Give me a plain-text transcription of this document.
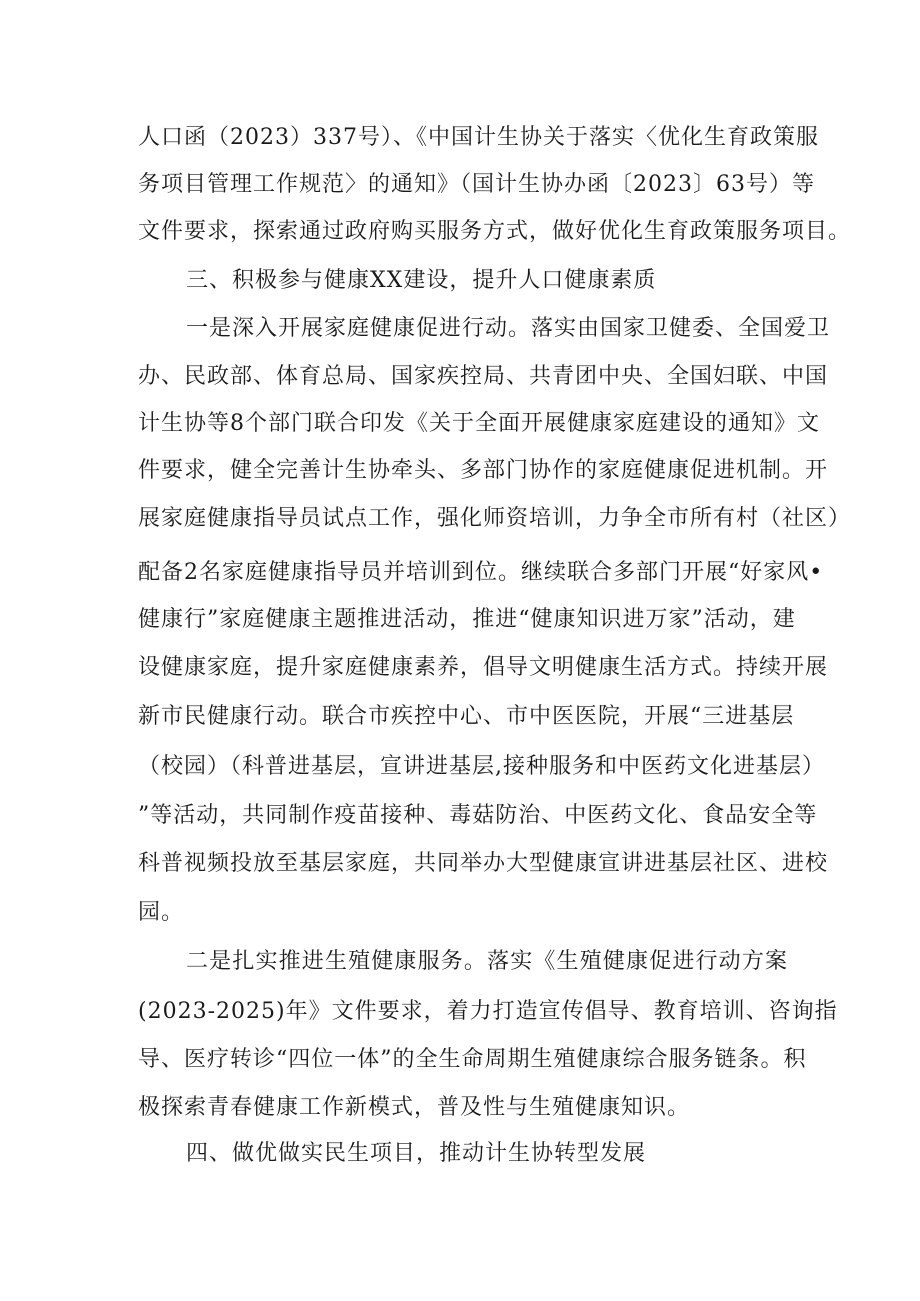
人口函（2023）337号）、《中国计生协关于落实〈优化生育政策服
务项目管理工作规范〉的通知》（国计生协办函〔2023〕63号）等
文件要求，探索通过政府购买服务方式，做好优化生育政策服务项目。
三、积极参与健康XX建设，提升人口健康素质
一是深入开展家庭健康促进行动。落实由国家卫健委、全国爱卫
办、民政部、体育总局、国家疾控局、共青团中央、全国妇联、中国
计生协等8个部门联合印发《关于全面开展健康家庭建设的通知》文
件要求，健全完善计生协牵头、多部门协作的家庭健康促进机制。开
展家庭健康指导员试点工作，强化师资培训，力争全市所有村（社区）
配备2名家庭健康指导员并培训到位。继续联合多部门开展“好家风•
健康行”家庭健康主题推进活动，推进“健康知识进万家”活动，建
设健康家庭，提升家庭健康素养，倡导文明健康生活方式。持续开展
新市民健康行动。联合市疾控中心、市中医医院，开展“三进基层
（校园）（科普进基层，宣讲进基层,接种服务和中医药文化进基层）
”等活动，共同制作疫苗接种、毒菇防治、中医药文化、食品安全等
科普视频投放至基层家庭，共同举办大型健康宣讲进基层社区、进校
园。
二是扎实推进生殖健康服务。落实《生殖健康促进行动方案
(2023-2025)年》文件要求，着力打造宣传倡导、教育培训、咨询指
导、医疗转诊“四位一体”的全生命周期生殖健康综合服务链条。积
极探索青春健康工作新模式，普及性与生殖健康知识。
四、做优做实民生项目，推动计生协转型发展
